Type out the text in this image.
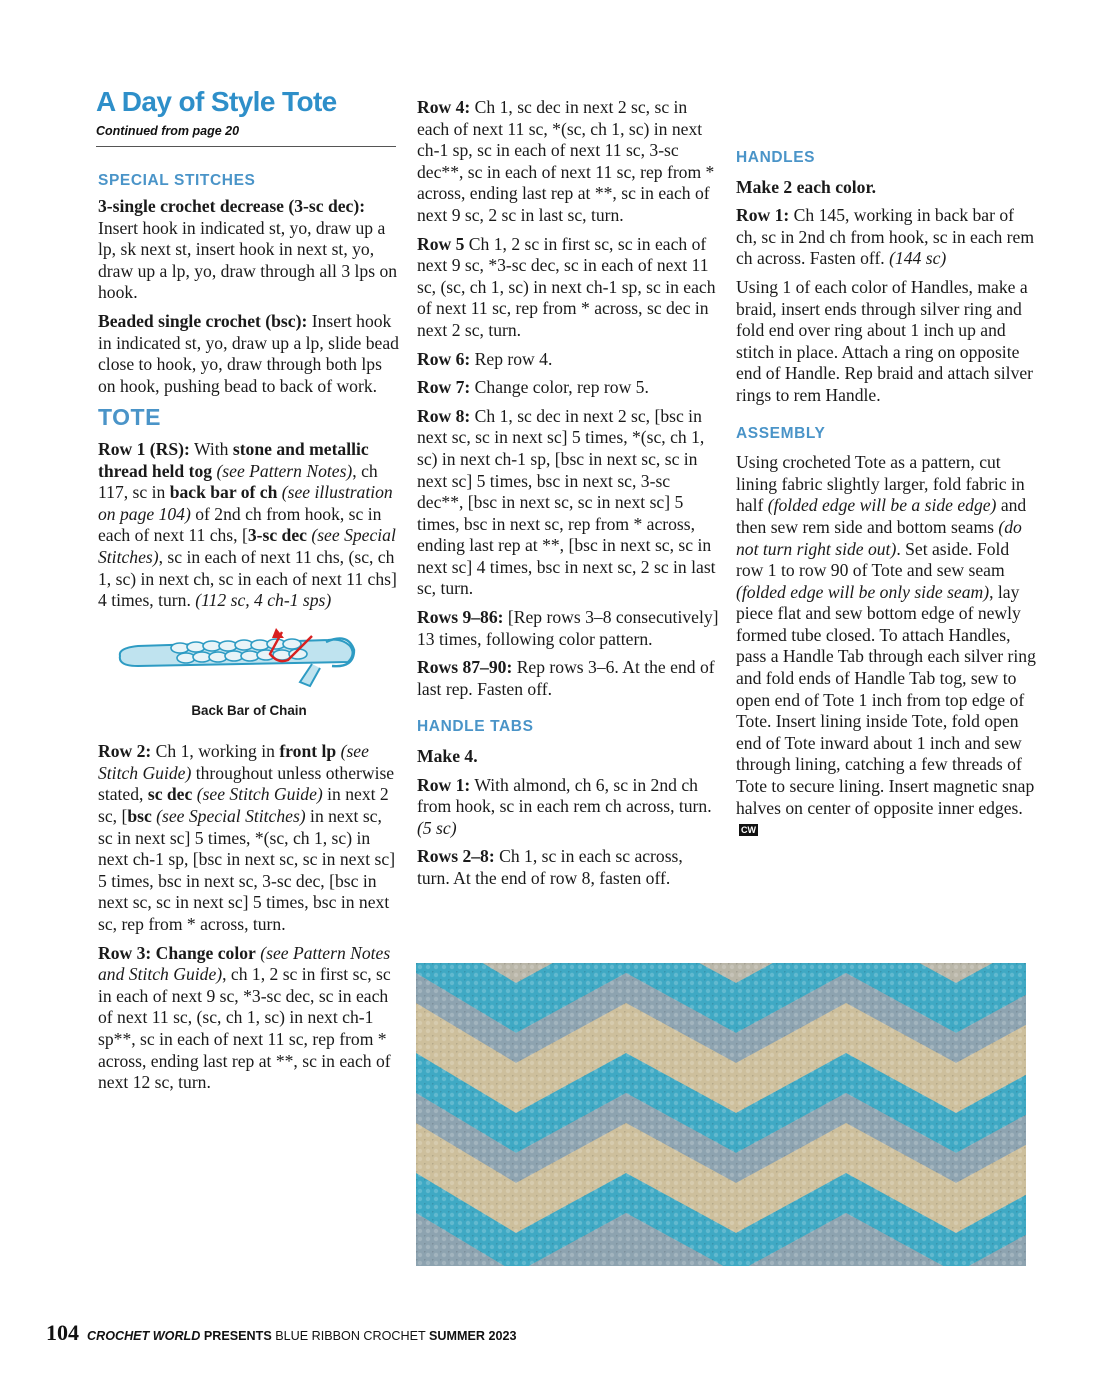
A Day of Style Tote
Continued from page 20
SPECIAL STITCHES

3-single crochet decrease (3-sc dec): Insert hook in indicated st, yo, draw up a lp, sk next st, insert hook in next st, yo, draw up a lp, yo, draw through all 3 lps on hook.

Beaded single crochet (bsc): Insert hook in indicated st, yo, draw up a lp, slide bead close to hook, yo, draw through both lps on hook, pushing bead to back of work.

TOTE

Row 1 (RS): With stone and metallic thread held tog (see Pattern Notes), ch 117, sc in back bar of ch (see illustration on page 104) of 2nd ch from hook, sc in each of next 11 chs, [3-sc dec (see Special Stitches), sc in each of next 11 chs, (sc, ch 1, sc) in next ch, sc in each of next 11 chs] 4 times, turn. (112 sc, 4 ch-1 sps)

Back Bar of Chain

Row 2: Ch 1, working in front lp (see Stitch Guide) throughout unless otherwise stated, sc dec (see Stitch Guide) in next 2 sc, [bsc (see Special Stitches) in next sc, sc in next sc] 5 times, *(sc, ch 1, sc) in next ch-1 sp, [bsc in next sc, sc in next sc] 5 times, bsc in next sc, 3-sc dec, [bsc in next sc, sc in next sc] 5 times, bsc in next sc, rep from * across, turn.

Row 3: Change color (see Pattern Notes and Stitch Guide), ch 1, 2 sc in first sc, sc in each of next 9 sc, *3-sc dec, sc in each of next 11 sc, (sc, ch 1, sc) in next ch-1 sp**, sc in each of next 11 sc, rep from * across, ending last rep at **, sc in each of next 12 sc, turn.

Row 4: Ch 1, sc dec in next 2 sc, sc in each of next 11 sc, *(sc, ch 1, sc) in next ch-1 sp, sc in each of next 11 sc, 3-sc dec**, sc in each of next 11 sc, rep from * across, ending last rep at **, sc in each of next 9 sc, 2 sc in last sc, turn.

Row 5 Ch 1, 2 sc in first sc, sc in each of next 9 sc, *3-sc dec, sc in each of next 11 sc, (sc, ch 1, sc) in next ch-1 sp, sc in each of next 11 sc, rep from * across, sc dec in next 2 sc, turn.

Row 6: Rep row 4.

Row 7: Change color, rep row 5.

Row 8: Ch 1, sc dec in next 2 sc, [bsc in next sc, sc in next sc] 5 times, *(sc, ch 1, sc) in next ch-1 sp, [bsc in next sc, sc in next sc] 5 times, bsc in next sc, 3-sc dec**, [bsc in next sc, sc in next sc] 5 times, bsc in next sc, rep from * across, ending last rep at **, [bsc in next sc, sc in next sc] 4 times, bsc in next sc, 2 sc in last sc, turn.

Rows 9–86: [Rep rows 3–8 consecutively] 13 times, following color pattern.

Rows 87–90: Rep rows 3–6. At the end of last rep. Fasten off.

HANDLE TABS

Make 4.

Row 1: With almond, ch 6, sc in 2nd ch from hook, sc in each rem ch across, turn. (5 sc)

Rows 2–8: Ch 1, sc in each sc across, turn. At the end of row 8, fasten off.

HANDLES

Make 2 each color.

Row 1: Ch 145, working in back bar of ch, sc in 2nd ch from hook, sc in each rem ch across. Fasten off. (144 sc)

Using 1 of each color of Handles, make a braid, insert ends through silver ring and fold end over ring about 1 inch up and stitch in place. Attach a ring on opposite end of Handle. Rep braid and attach silver rings to rem Handle.

ASSEMBLY

Using crocheted Tote as a pattern, cut lining fabric slightly larger, fold fabric in half (folded edge will be a side edge) and then sew rem side and bottom seams (do not turn right side out). Set aside. Fold row 1 to row 90 of Tote and sew seam (folded edge will be only side seam), lay piece flat and sew bottom edge of newly formed tube closed. To attach Handles, pass a Handle Tab through each silver ring and fold ends of Handle Tab tog, sew to open end of Tote 1 inch from top edge of Tote. Insert lining inside Tote, fold open end of Tote inward about 1 inch and sew through lining, catching a few threads of Tote to secure lining. Insert magnetic snap halves on center of opposite inner edges.CW

104 CROCHET WORLD PRESENTS BLUE RIBBON CROCHET SUMMER 2023
